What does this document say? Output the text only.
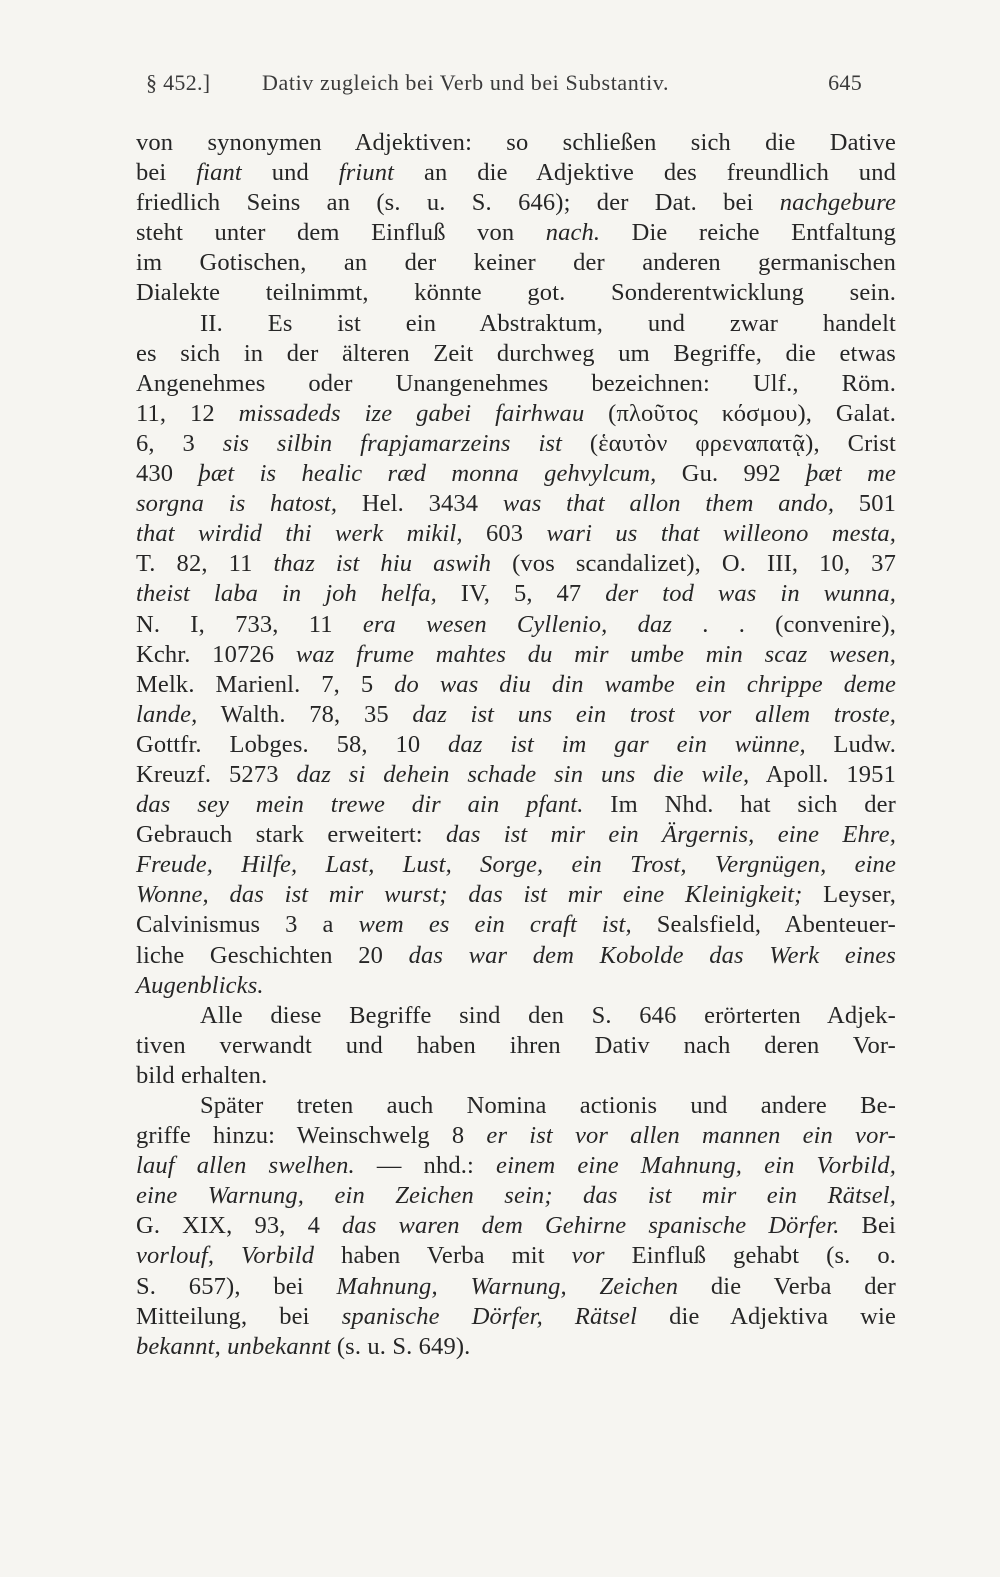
§ 452.] Dativ zugleich bei Verb und bei Substantiv.	645
von synonymen Adjektiven: so schließen sich die Dative
bei fiant und friunt an die Adjektive des freundlich und
friedlich Seins an (s. u. S. 646); der Dat. bei nachgebure
steht unter dem Einfluß von nach. Die reiche Entfaltung
im Gotischen, an der keiner der anderen germanischen
Dialekte teilnimmt, könnte got. Sonderentwicklung sein.
II. Es ist ein Abstraktum, und zwar handelt
es sich in der älteren Zeit durchweg um Begriffe, die etwas
Angenehmes oder Unangenehmes bezeichnen: Ulf., Röm.
11, 12 missadeds ize gabei fairhwau (πλοῦτος κόσμου), Galat.
6, 3 sis silbin frapjamarzeins ist (ἑαυτὸν φρεναπατᾷ), Crist
430 þæt is healic ræd monna gehvylcum, Gu. 992 þæt me
sorgna is hatost, Hel. 3434 was that allon them ando, 501
that wirdid thi werk mikil, 603 wari us that willeono mesta,
T. 82, 11 thaz ist hiu aswih (vos scandalizet), O. III, 10, 37
theist laba in joh helfa, IV, 5, 47 der tod was in wunna,
N. I, 733, 11 era wesen Cyllenio, daz . . (convenire),
Kchr. 10726 waz frume mahtes du mir umbe min scaz wesen,
Melk. Marienl. 7, 5 do was diu din wambe ein chrippe deme
lande, Walth. 78, 35 daz ist uns ein trost vor allem troste,
Gottfr. Lobges. 58, 10 daz ist im gar ein wünne, Ludw.
Kreuzf. 5273 daz si dehein schade sin uns die wile, Apoll. 1951
das sey mein trewe dir ain pfant. Im Nhd. hat sich der
Gebrauch stark erweitert: das ist mir ein Ärgernis, eine Ehre,
Freude, Hilfe, Last, Lust, Sorge, ein Trost, Vergnügen, eine
Wonne, das ist mir wurst; das ist mir eine Kleinigkeit; Leyser,
Calvinismus 3 a wem es ein craft ist, Sealsfield, Abenteuer-
liche Geschichten 20 das war dem Kobolde das Werk eines
Augenblicks.
Alle diese Begriffe sind den S. 646 erörterten Adjek-
tiven verwandt und haben ihren Dativ nach deren Vor-
bild erhalten.
Später treten auch Nomina actionis und andere Be-
griffe hinzu: Weinschwelg 8 er ist vor allen mannen ein vor-
lauf allen swelhen. — nhd.: einem eine Mahnung, ein Vorbild,
eine Warnung, ein Zeichen sein; das ist mir ein Rätsel,
G. XIX, 93, 4 das waren dem Gehirne spanische Dörfer. Bei
vorlouf, Vorbild haben Verba mit vor Einfluß gehabt (s. o.
S. 657), bei Mahnung, Warnung, Zeichen die Verba der
Mitteilung, bei spanische Dörfer, Rätsel die Adjektiva wie
bekannt, unbekannt (s. u. S. 649).
